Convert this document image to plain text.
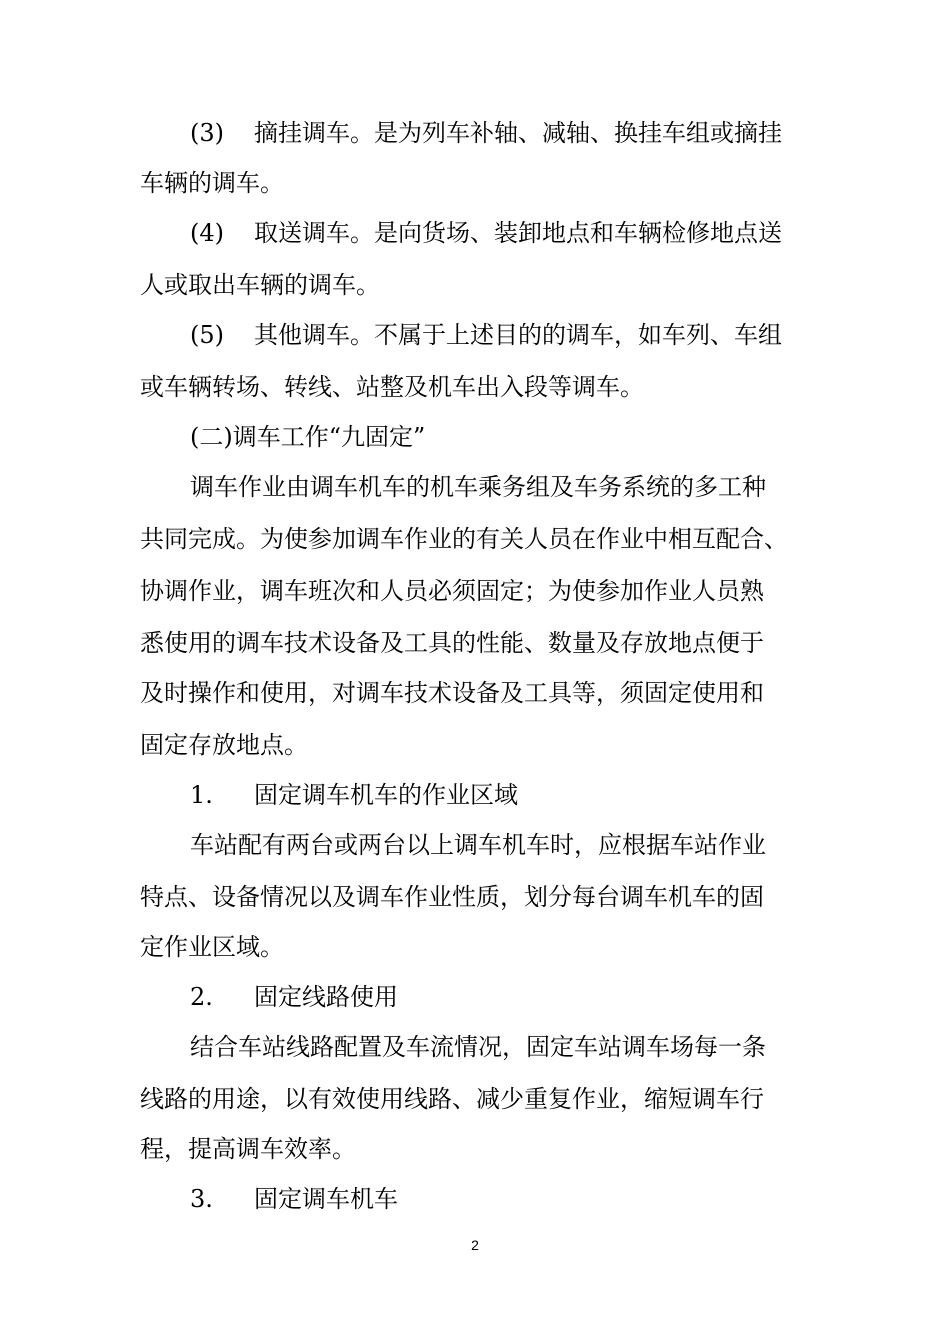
(3) 摘挂调车。是为列车补轴、减轴、换挂车组或摘挂
车辆的调车。
(4) 取送调车。是向货场、装卸地点和车辆检修地点送
人或取出车辆的调车。
(5) 其他调车。不属于上述目的的调车，如车列、车组
或车辆转场、转线、站整及机车出入段等调车。
(二)调车工作“九固定”
调车作业由调车机车的机车乘务组及车务系统的多工种
共同完成。为使参加调车作业的有关人员在作业中相互配合、
协调作业，调车班次和人员必须固定；为使参加作业人员熟
悉使用的调车技术设备及工具的性能、数量及存放地点便于
及时操作和使用，对调车技术设备及工具等，须固定使用和
固定存放地点。
1. 固定调车机车的作业区域
车站配有两台或两台以上调车机车时，应根据车站作业
特点、设备情况以及调车作业性质，划分每台调车机车的固
定作业区域。
2. 固定线路使用
结合车站线路配置及车流情况，固定车站调车场每一条
线路的用途，以有效使用线路、减少重复作业，缩短调车行
程，提高调车效率。
3. 固定调车机车
2
